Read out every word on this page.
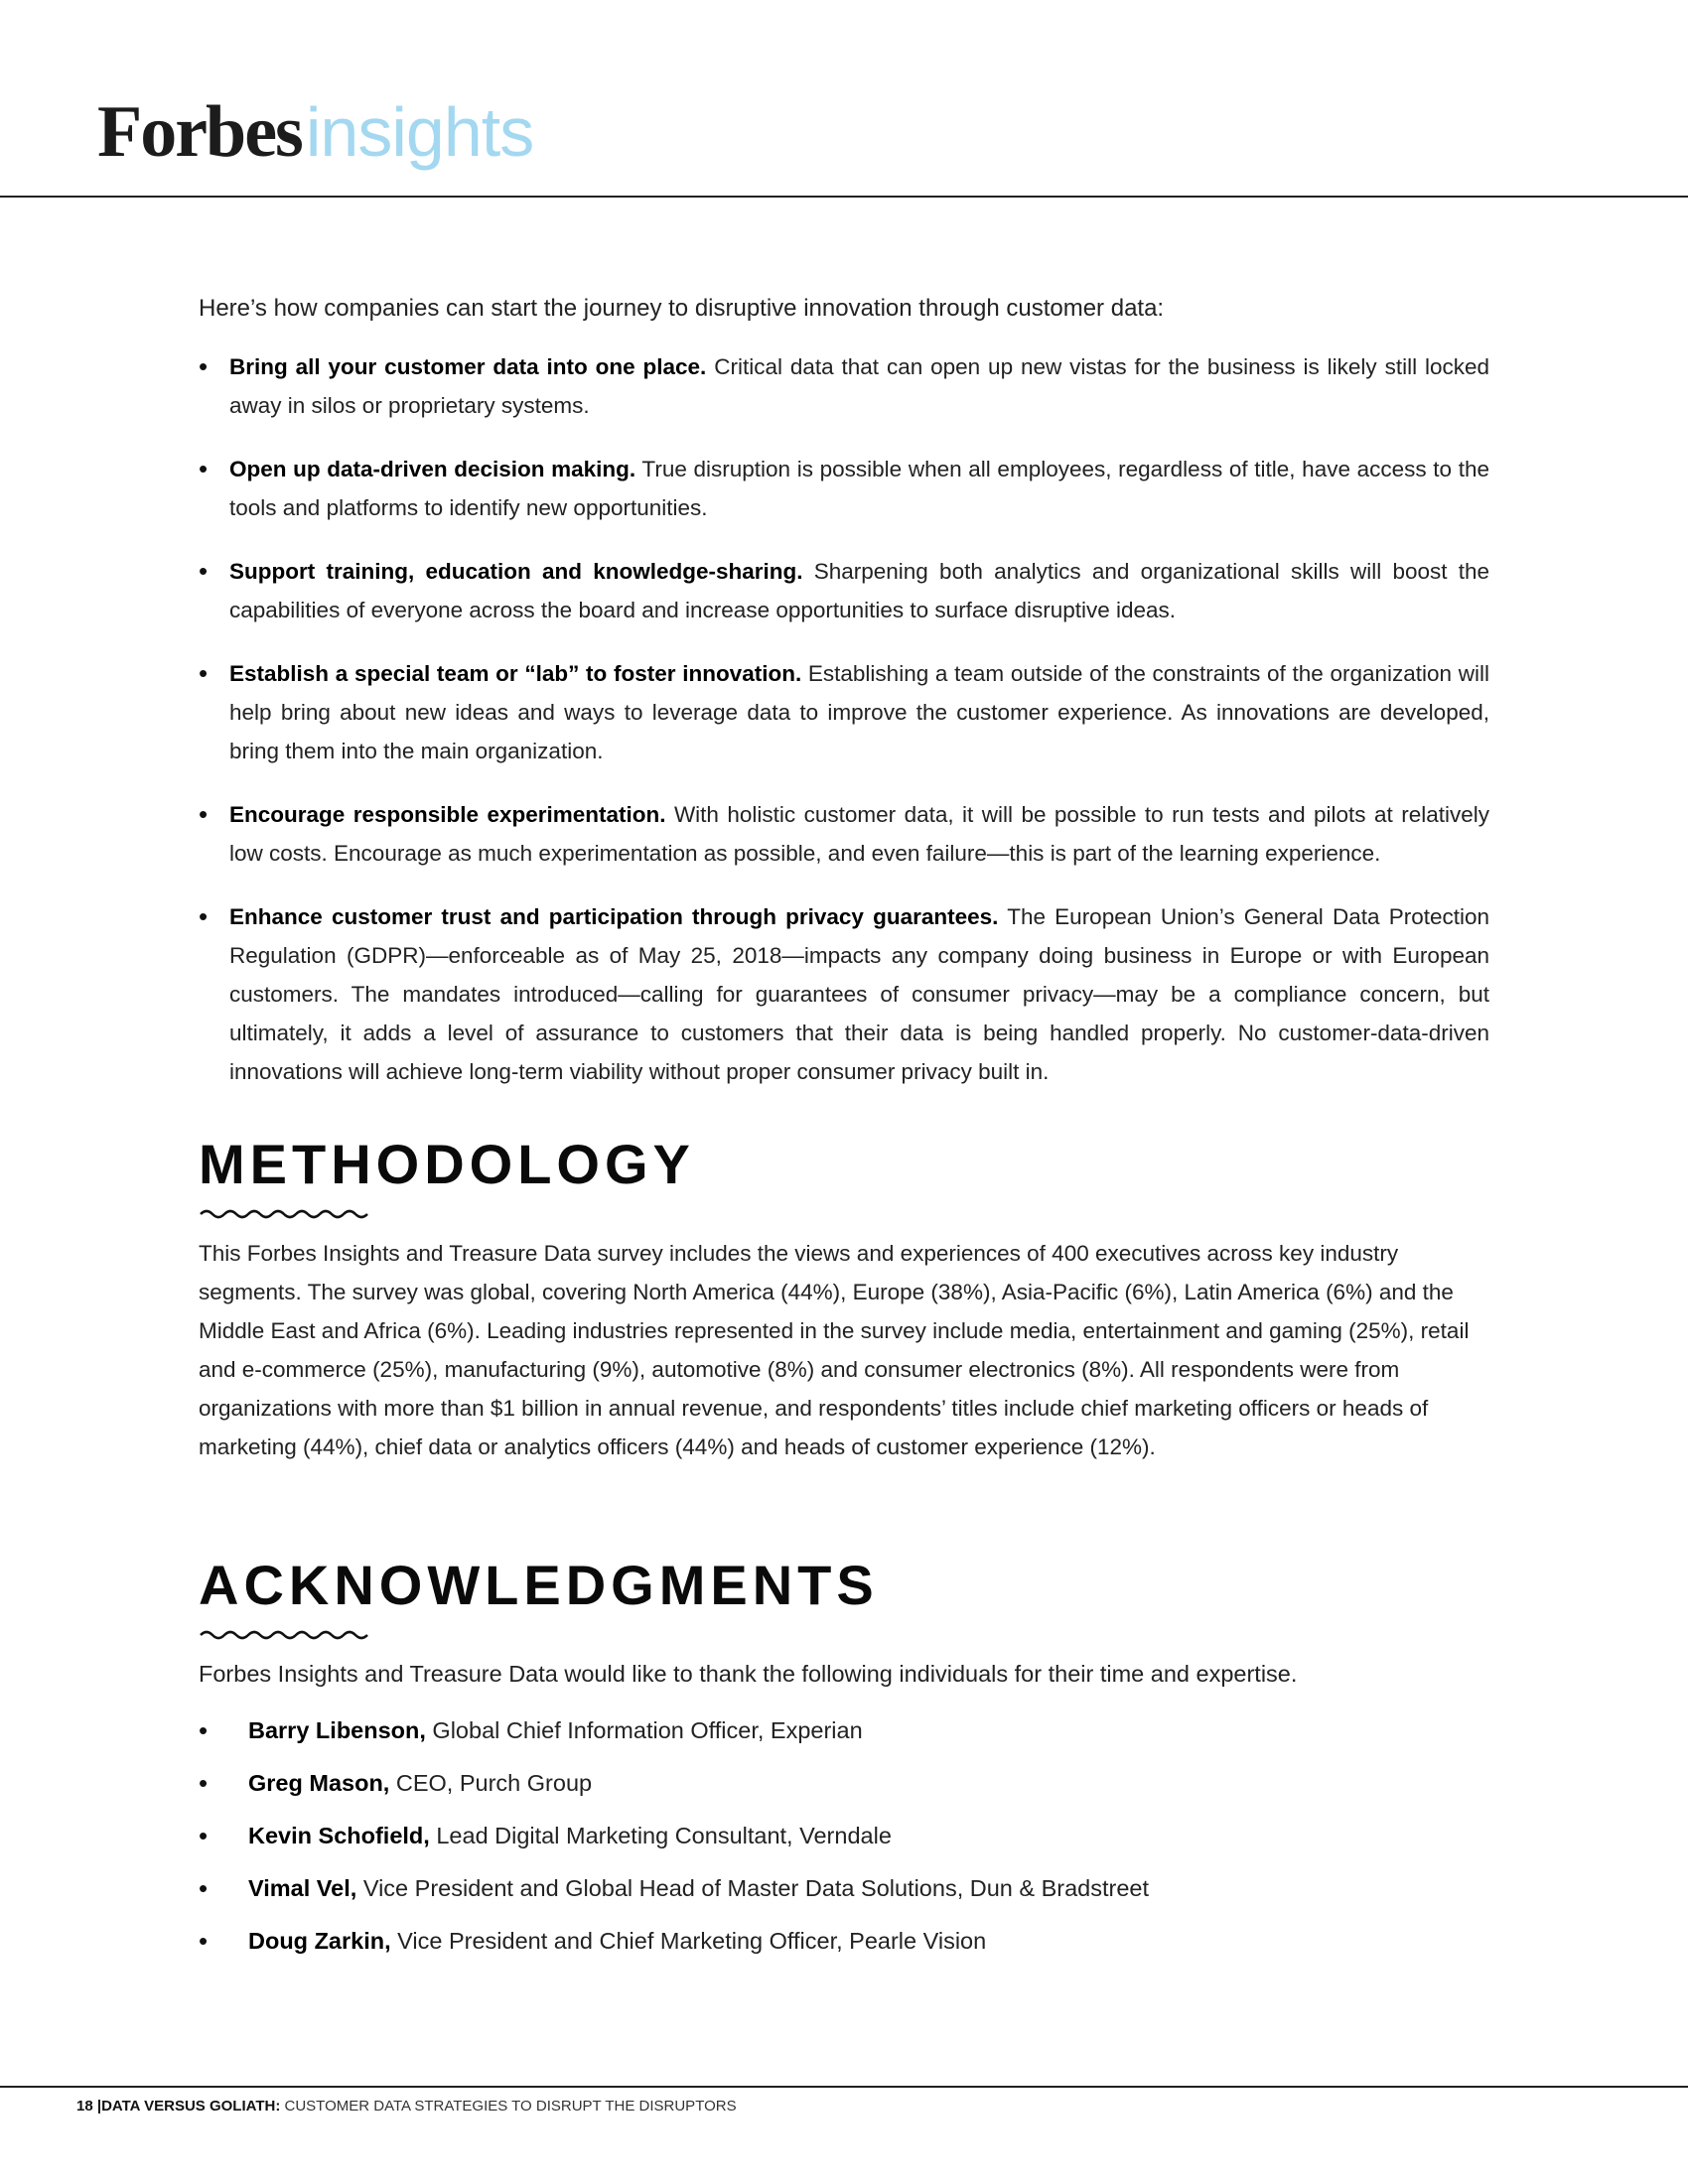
Forbesinsights

Here’s how companies can start the journey to disruptive innovation through customer data:

• Bring all your customer data into one place. Critical data that can open up new vistas for the business is likely still locked away in silos or proprietary systems.
• Open up data-driven decision making. True disruption is possible when all employees, regardless of title, have access to the tools and platforms to identify new opportunities.
• Support training, education and knowledge-sharing. Sharpening both analytics and organizational skills will boost the capabilities of everyone across the board and increase opportunities to surface disruptive ideas.
• Establish a special team or “lab” to foster innovation. Establishing a team outside of the constraints of the organization will help bring about new ideas and ways to leverage data to improve the customer experience. As innovations are developed, bring them into the main organization.
• Encourage responsible experimentation. With holistic customer data, it will be possible to run tests and pilots at relatively low costs. Encourage as much experimentation as possible, and even failure—this is part of the learning experience.
• Enhance customer trust and participation through privacy guarantees. The European Union’s General Data Protection Regulation (GDPR)—enforceable as of May 25, 2018—impacts any company doing business in Europe or with European customers. The mandates introduced—calling for guarantees of consumer privacy—may be a compliance concern, but ultimately, it adds a level of assurance to customers that their data is being handled properly. No customer-data-driven innovations will achieve long-term viability without proper consumer privacy built in.
METHODOLOGY

This Forbes Insights and Treasure Data survey includes the views and experiences of 400 executives across key industry segments. The survey was global, covering North America (44%), Europe (38%), Asia-Pacific (6%), Latin America (6%) and the Middle East and Africa (6%). Leading industries represented in the survey include media, entertainment and gaming (25%), retail and e-commerce (25%), manufacturing (9%), automotive (8%) and consumer electronics (8%). All respondents were from organizations with more than $1 billion in annual revenue, and respondents’ titles include chief marketing officers or heads of marketing (44%), chief data or analytics officers (44%) and heads of customer experience (12%).

ACKNOWLEDGMENTS

Forbes Insights and Treasure Data would like to thank the following individuals for their time and expertise.

• Barry Libenson, Global Chief Information Officer, Experian
• Greg Mason, CEO, Purch Group
• Kevin Schofield, Lead Digital Marketing Consultant, Verndale
• Vimal Vel, Vice President and Global Head of Master Data Solutions, Dun & Bradstreet
• Doug Zarkin, Vice President and Chief Marketing Officer, Pearle Vision
18 |DATA VERSUS GOLIATH: CUSTOMER DATA STRATEGIES TO DISRUPT THE DISRUPTORS
